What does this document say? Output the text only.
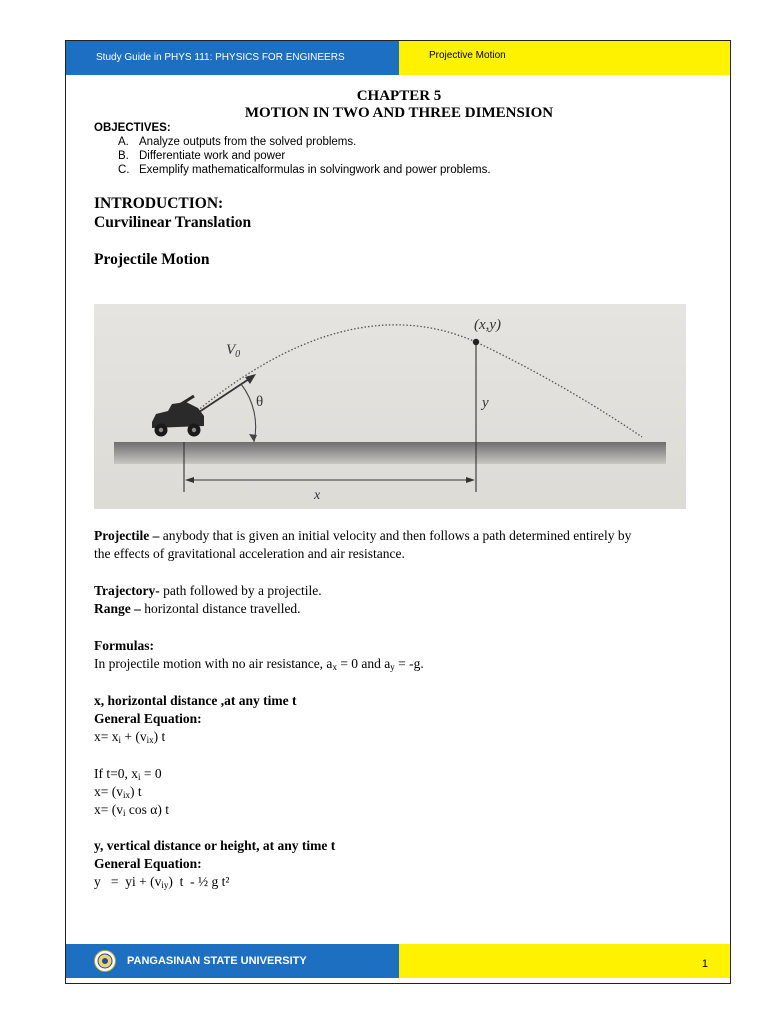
Study Guide in PHYS 111: PHYSICS FOR ENGINEERS	Projective Motion
CHAPTER 5
MOTION IN TWO AND THREE DIMENSION
OBJECTIVES:
A. Analyze outputs from the solved problems.
B. Differentiate work and power
C. Exemplify mathematicalformulas in solvingwork and power problems.
INTRODUCTION:
Curvilinear Translation
Projectile Motion
$V_0$
θ
(x,y)
y
x
Projectile – anybody that is given an initial velocity and then follows a path determined entirely by
the effects of gravitational acceleration and air resistance.
Trajectory- path followed by a projectile.
Range – horizontal distance travelled.
Formulas:
In projectile motion with no air resistance, $a_x = 0$ and $a_y = -g$.
x, horizontal distance ,at any time t
General Equation:
$x= x_i + (v_{ix})$ t
If t=0, $x_i = 0$
$x= (v_{ix})$ t
$x= (v_i$ cos α) t
y, vertical distance or height, at any time t
General Equation:
y   =  yi + $(v_{iy})$  t  - ½ g t²
PANGASINAN STATE UNIVERSITY	1
